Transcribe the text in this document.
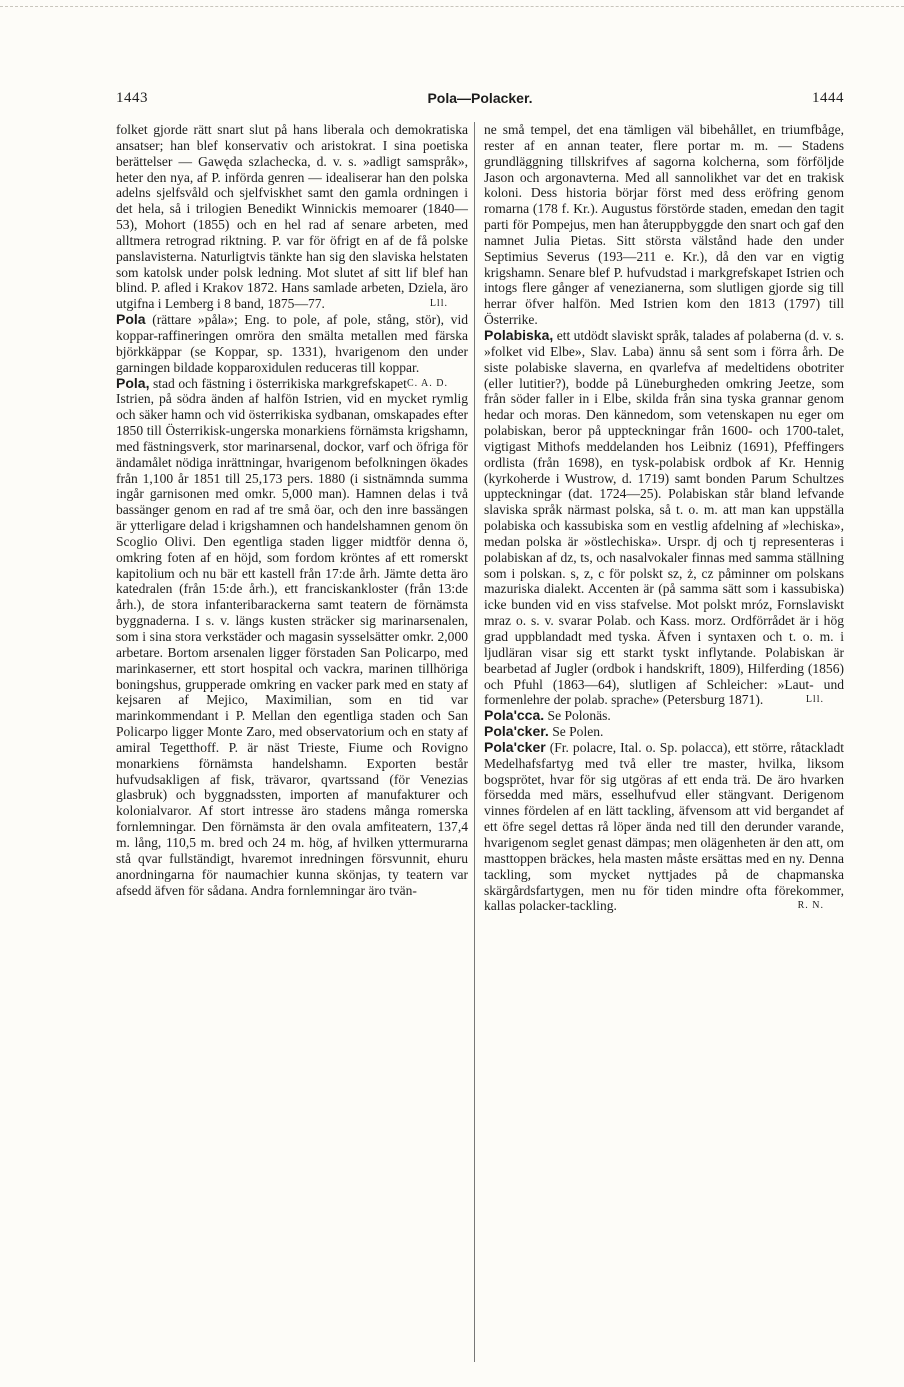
1443	Pola—Polacker.	1444

folket gjorde rätt snart slut på hans liberala och demokratiska ansatser; han blef konservativ och aristokrat. I sina poetiska berättelser — Gawęda szlachecka, d. v. s. »adligt samspråk», heter den nya, af P. införda genren — idealiserar han den polska adelns sjelfsvåld och sjelfviskhet samt den gamla ordningen i det hela, så i trilogien Benedikt Winnickis memoarer (1840—53), Mohort (1855) och en hel rad af senare arbeten, med alltmera retrograd riktning. P. var för öfrigt en af de få polske panslavisterna. Naturligtvis tänkte han sig den slaviska helstaten som katolsk under polsk ledning. Mot slutet af sitt lif blef han blind. P. afled i Krakov 1872. Hans samlade arbeten, Dziela, äro utgifna i Lemberg i 8 band, 1875—77.	Lll.

Pola (rättare »påla»; Eng. to pole, af pole, stång, stör), vid koppar-raffineringen omröra den smälta metallen med färska björkkäppar (se Koppar, sp. 1331), hvarigenom den under garningen bildade kopparoxidulen reduceras till koppar.
C. A. D.

Pola, stad och fästning i österrikiska markgrefskapet Istrien, på södra änden af halfön Istrien, vid en mycket rymlig och säker hamn och vid österrikiska sydbanan, omskapades efter 1850 till Österrikisk-ungerska monarkiens förnämsta krigshamn, med fästningsverk, stor marinarsenal, dockor, varf och öfriga för ändamålet nödiga inrättningar, hvarigenom befolkningen ökades från 1,100 år 1851 till 25,173 pers. 1880 (i sistnämnda summa ingår garnisonen med omkr. 5,000 man). Hamnen delas i två bassänger genom en rad af tre små öar, och den inre bassängen är ytterligare delad i krigshamnen och handelshamnen genom ön Scoglio Olivi. Den egentliga staden ligger midtför denna ö, omkring foten af en höjd, som fordom kröntes af ett romerskt kapitolium och nu bär ett kastell från 17:de årh. Jämte detta äro katedralen (från 15:de årh.), ett franciskankloster (från 13:de årh.), de stora infanteribarackerna samt teatern de förnämsta byggnaderna. I s. v. längs kusten sträcker sig marinarsenalen, som i sina stora verkstäder och magasin sysselsätter omkr. 2,000 arbetare. Bortom arsenalen ligger förstaden San Policarpo, med marinkaserner, ett stort hospital och vackra, marinen tillhöriga boningshus, grupperade omkring en vacker park med en staty af kejsaren af Mejico, Maximilian, som en tid var marinkommendant i P. Mellan den egentliga staden och San Policarpo ligger Monte Zaro, med observatorium och en staty af amiral Tegetthoff. P. är näst Trieste, Fiume och Rovigno monarkiens förnämsta handelshamn. Exporten består hufvudsakligen af fisk, trävaror, qvartssand (för Venezias glasbruk) och byggnadssten, importen af manufakturer och kolonialvaror. Af stort intresse äro stadens många romerska fornlemningar. Den förnämsta är den ovala amfiteatern, 137,4 m. lång, 110,5 m. bred och 24 m. hög, af hvilken yttermurarna stå qvar fullständigt, hvaremot inredningen försvunnit, ehuru anordningarna för naumachier kunna skönjas, ty teatern var afsedd äfven för sådana. Andra fornlemningar äro tvän-

ne små tempel, det ena tämligen väl bibehållet, en triumfbåge, rester af en annan teater, flere portar m. m. — Stadens grundläggning tillskrifves af sagorna kolcherna, som förföljde Jason och argonavterna. Med all sannolikhet var det en trakisk koloni. Dess historia börjar först med dess eröfring genom romarna (178 f. Kr.). Augustus förstörde staden, emedan den tagit parti för Pompejus, men han återuppbyggde den snart och gaf den namnet Julia Pietas. Sitt största välstånd hade den under Septimius Severus (193—211 e. Kr.), då den var en vigtig krigshamn. Senare blef P. hufvudstad i markgrefskapet Istrien och intogs flere gånger af venezianerna, som slutligen gjorde sig till herrar öfver halfön. Med Istrien kom den 1813 (1797) till Österrike.

Polabiska, ett utdödt slaviskt språk, talades af polaberna (d. v. s. »folket vid Elbe», Slav. Laba) ännu så sent som i förra årh. De siste polabiske slaverna, en qvarlefva af medeltidens obotriter (eller lutitier?), bodde på Lüneburgheden omkring Jeetze, som från söder faller in i Elbe, skilda från sina tyska grannar genom hedar och moras. Den kännedom, som vetenskapen nu eger om polabiskan, beror på uppteckningar från 1600- och 1700-talet, vigtigast Mithofs meddelanden hos Leibniz (1691), Pfeffingers ordlista (från 1698), en tysk-polabisk ordbok af Kr. Hennig (kyrkoherde i Wustrow, d. 1719) samt bonden Parum Schultzes uppteckningar (dat. 1724—25). Polabiskan står bland lefvande slaviska språk närmast polska, så t. o. m. att man kan uppställa polabiska och kassubiska som en vestlig afdelning af »lechiska», medan polska är »östlechiska». Urspr. dj och tj representeras i polabiskan af dz, ts, och nasalvokaler finnas med samma ställning som i polskan. s, z, c för polskt sz, ż, cz påminner om polskans mazuriska dialekt. Accenten är (på samma sätt som i kassubiska) icke bunden vid en viss stafvelse. Mot polskt mróz, Fornslaviskt mraz o. s. v. svarar Polab. och Kass. morz. Ordförrådet är i hög grad uppblandadt med tyska. Äfven i syntaxen och t. o. m. i ljudläran visar sig ett starkt tyskt inflytande. Polabiskan är bearbetad af Jugler (ordbok i handskrift, 1809), Hilferding (1856) och Pfuhl (1863—64), slutligen af Schleicher: »Laut- und formenlehre der polab. sprache» (Petersburg 1871).	Lll.

Pola'cca. Se Polonäs.

Pola'cker. Se Polen.

Pola'cker (Fr. polacre, Ital. o. Sp. polacca), ett större, råtackladt Medelhafsfartyg med två eller tre master, hvilka, liksom bogsprötet, hvar för sig utgöras af ett enda trä. De äro hvarken försedda med märs, esselhufvud eller stängvant. Derigenom vinnes fördelen af en lätt tackling, äfvensom att vid bergandet af ett öfre segel dettas rå löper ända ned till den derunder varande, hvarigenom seglet genast dämpas; men olägenheten är den att, om masttoppen bräckes, hela masten måste ersättas med en ny. Denna tackling, som mycket nyttjades på de chapmanska skärgårdsfartygen, men nu för tiden mindre ofta förekommer, kallas polacker-tackling.	R. N.
